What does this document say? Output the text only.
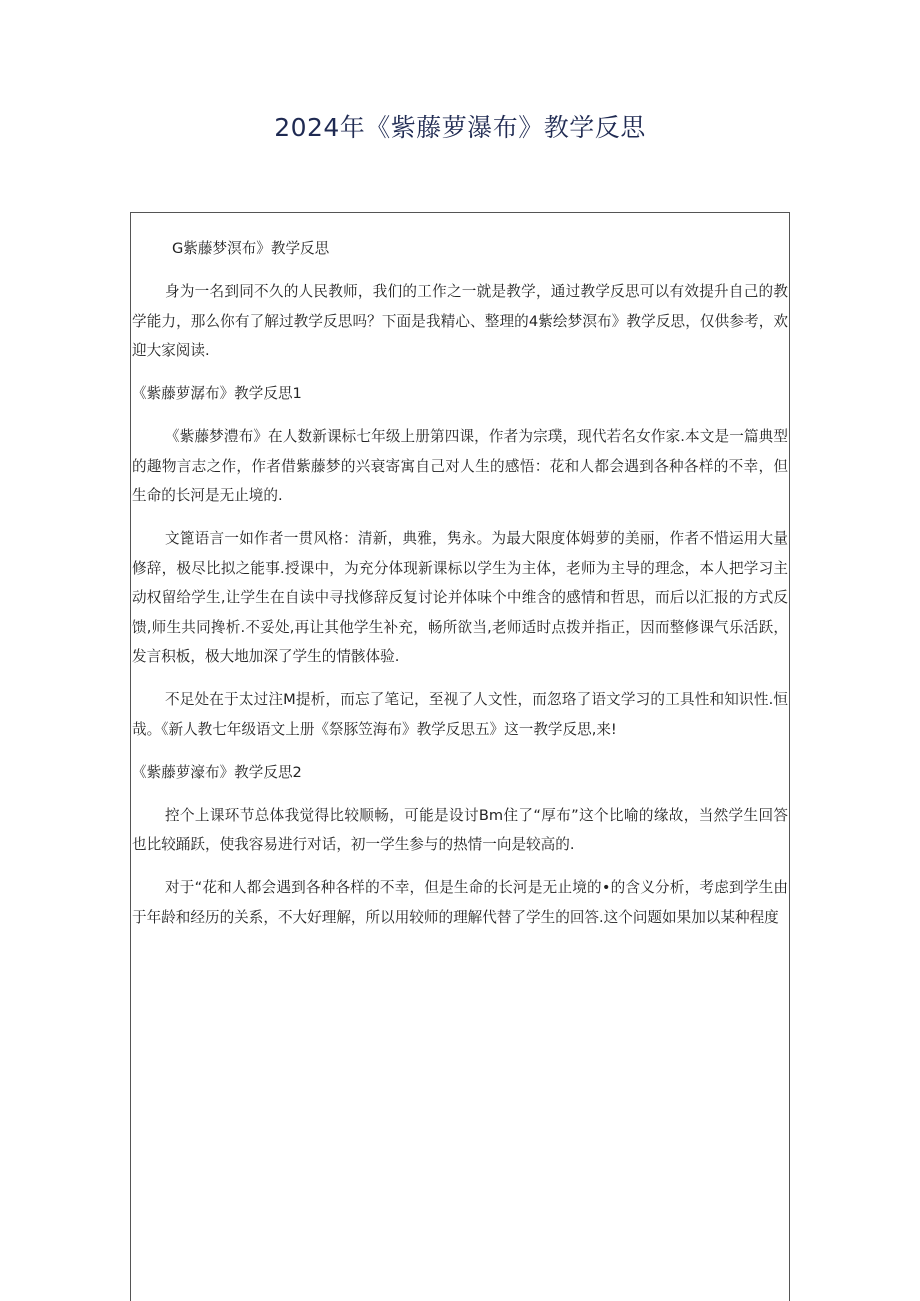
2024年《紫藤萝瀑布》教学反思

G紫藤梦溟布》教学反思

身为一名到同不久的人民教师，我们的工作之一就是教学，通过教学反思可以有效提升自己的教学能力，那么你有了解过教学反思吗？下面是我精心、整理的4紫绘梦溟布》教学反思，仅供参考，欢迎大家阅读.

《紫藤萝潺布》教学反思1

《紫藤梦澧布》在人数新课标七年级上册第四课，作者为宗璞，现代若名女作家.本文是一篇典型的趣物言志之作，作者借紫藤梦的兴衰寄寓自己对人生的感悟：花和人都会遇到各种各样的不幸，但生命的长河是无止境的.

文篦语言一如作者一贯风格：清新，典雅，隽永。为最大限度体姆萝的美丽，作者不惜运用大量修辞，极尽比拟之能事.授课中，为充分体现新课标以学生为主体，老师为主导的理念，本人把学习主动权留给学生,让学生在自读中寻找修辞反复讨论并体味个中维含的感情和哲思，而后以汇报的方式反馈,师生共同搀析.不妥处,再让其他学生补充，畅所欲当,老师适时点拨并指正，因而整修课气乐活跃，发言积板，极大地加深了学生的情骸体验.

不足处在于太过注M提析，而忘了笔记，至视了人文性，而忽珞了语文学习的工具性和知识性.恒哉。《新人教七年级语文上册《祭豚笠海布》教学反思五》这一教学反思,来!

《紫藤萝濠布》教学反思2

控个上课环节总体我觉得比较顺畅，可能是设讨Bm住了“厚布”这个比喻的缘故，当然学生回答也比较踊跃，使我容易进行对话，初一学生参与的热情一向是较高的.

对于“花和人都会遇到各种各样的不幸，但是生命的长河是无止境的•的含义分析，考虑到学生由于年龄和经历的关系，不大好理解，所以用较师的理解代替了学生的回答.这个问题如果加以某种程度
